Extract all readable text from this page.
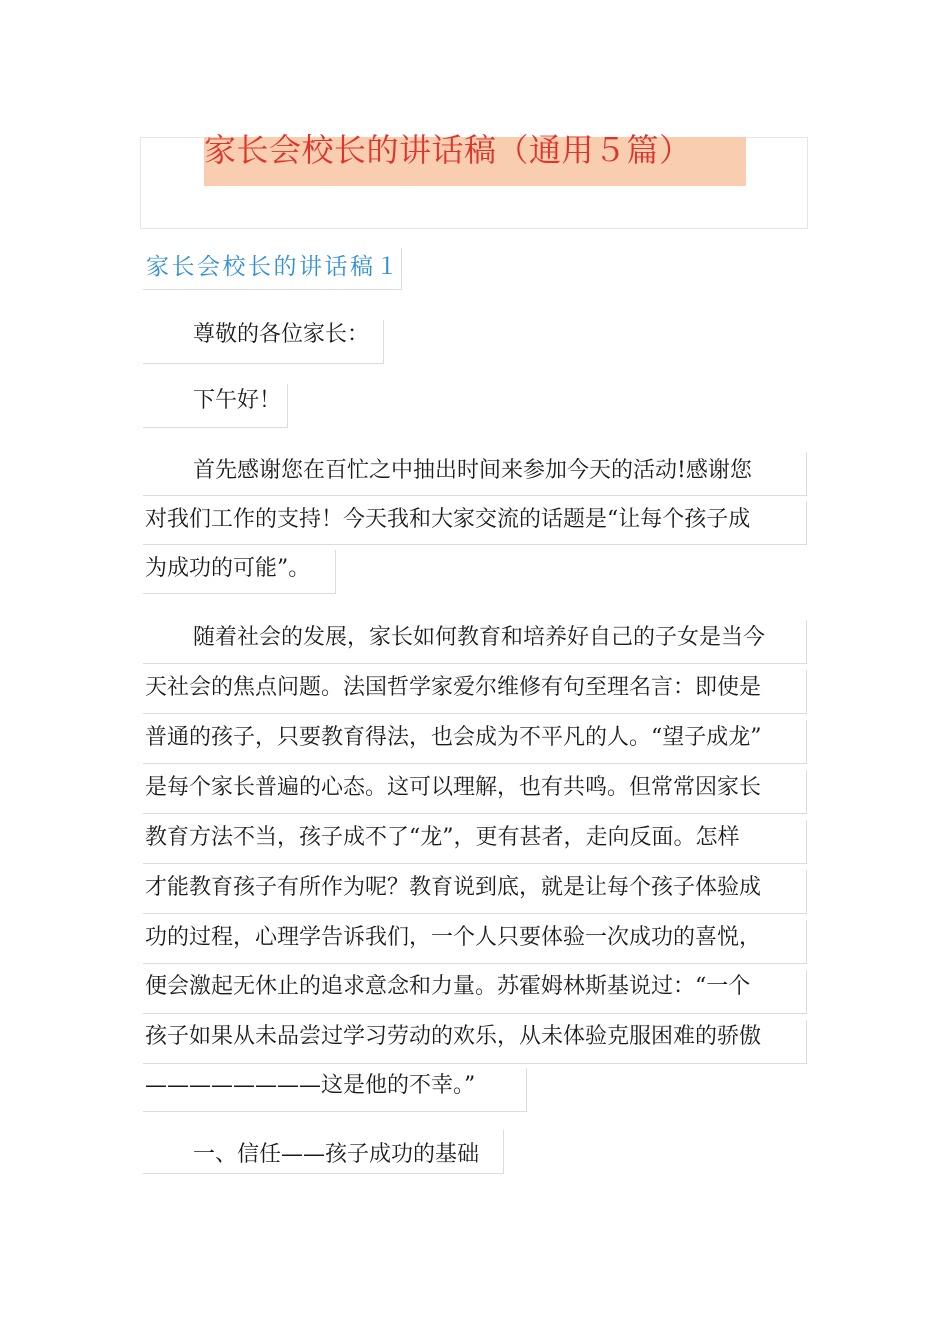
家长会校长的讲话稿（通用５篇）
家长会校长的讲话稿１
尊敬的各位家长：
下午好！
首先感谢您在百忙之中抽出时间来参加今天的活动!感谢您
对我们工作的支持！今天我和大家交流的话题是“让每个孩子成
为成功的可能”。
随着社会的发展，家长如何教育和培养好自己的子女是当今
天社会的焦点问题。法国哲学家爱尔维修有句至理名言：即使是
普通的孩子，只要教育得法，也会成为不平凡的人。“望子成龙”
是每个家长普遍的心态。这可以理解，也有共鸣。但常常因家长
教育方法不当，孩子成不了“龙”，更有甚者，走向反面。怎样
才能教育孩子有所作为呢？教育说到底，就是让每个孩子体验成
功的过程，心理学告诉我们，一个人只要体验一次成功的喜悦，
便会激起无休止的追求意念和力量。苏霍姆林斯基说过：“一个
孩子如果从未品尝过学习劳动的欢乐，从未体验克服困难的骄傲
————————这是他的不幸。”
一、信任——孩子成功的基础
